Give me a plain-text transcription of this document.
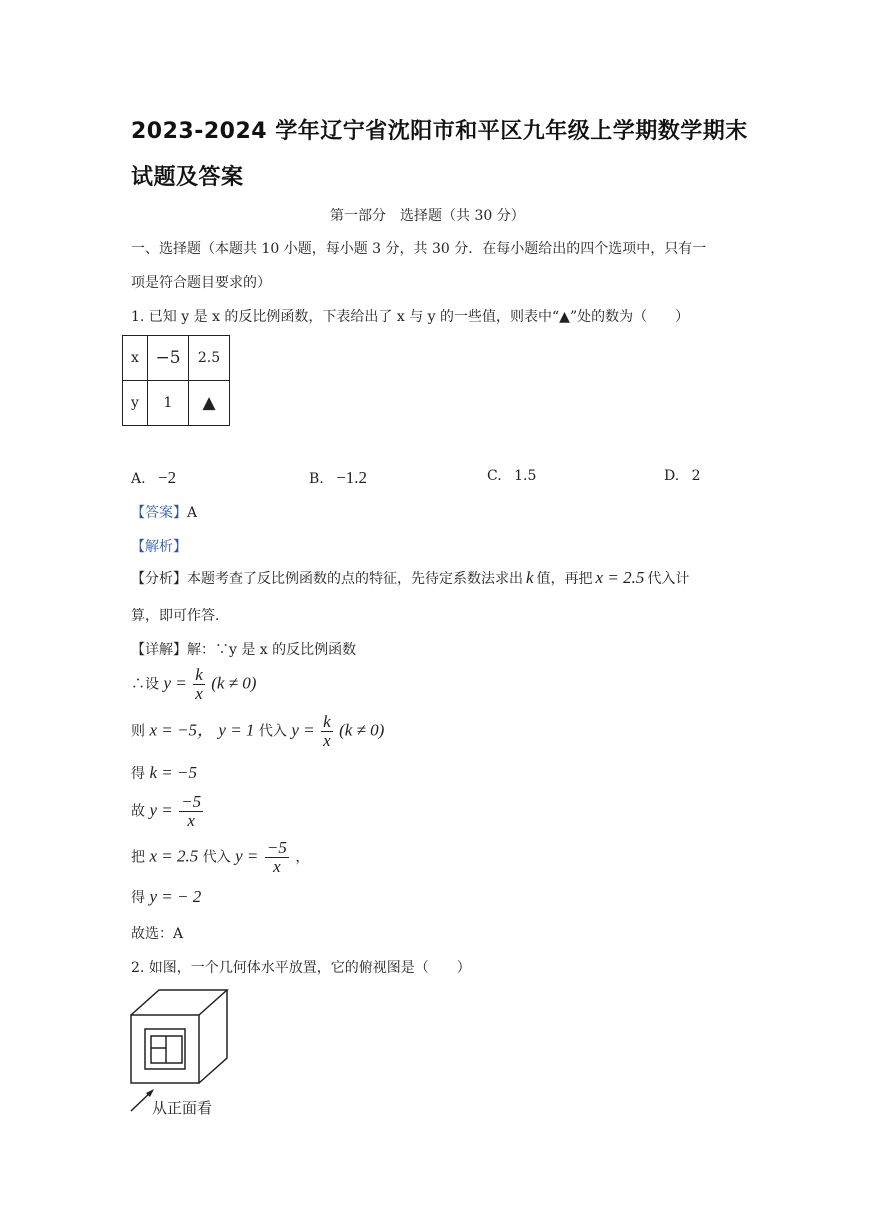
2023-2024 学年辽宁省沈阳市和平区九年级上学期数学期末
试题及答案
第一部分　选择题（共 30 分）
一、选择题（本题共 10 小题，每小题 3 分，共 30 分．在每小题给出的四个选项中，只有一
项是符合题目要求的）
1. 已知 y 是 x 的反比例函数，下表给出了 x 与 y 的一些值，则表中“▲”处的数为（　　）
x	−5	2.5
y	1	▲
A. −2	B. −1.2	C. 1.5	D. 2
【答案】A
【解析】
【分析】本题考查了反比例函数的点的特征，先待定系数法求出 k 值，再把 x = 2.5 代入计
算，即可作答．
【详解】解：∵y 是 x 的反比例函数
∴设 $y = \frac{k}{x} (k \ne 0)$
则 x = −5， y = 1 代入 $y = \frac{k}{x} (k \ne 0)$
得 k = −5
故 $y = \frac{-5}{x}$
把 x = 2.5 代入 $y = \frac{-5}{x}$ ，
得 y = − 2
故选：A
2. 如图，一个几何体水平放置，它的俯视图是（　　）
从正面看
